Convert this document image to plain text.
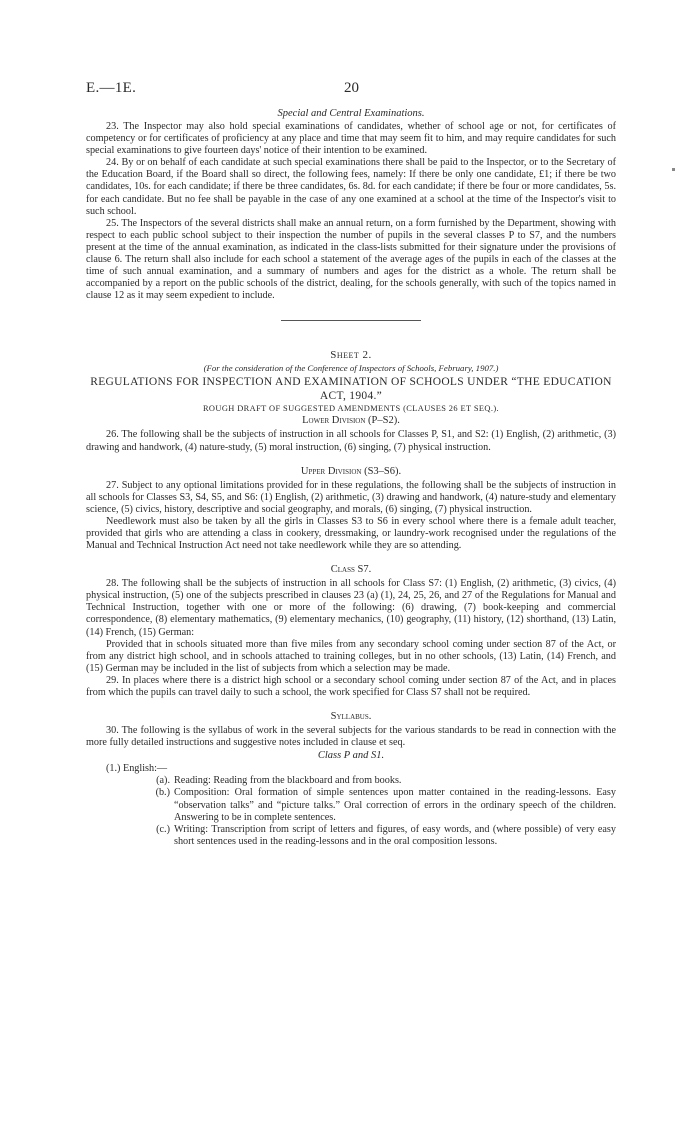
E.—1E.	20
Special and Central Examinations.

23. The Inspector may also hold special examinations of candidates, whether of school age or not, for certificates of competency or for certificates of proficiency at any place and time that may seem fit to him, and may require candidates for such special examinations to give fourteen days' notice of their intention to be examined.

24. By or on behalf of each candidate at such special examinations there shall be paid to the Inspector, or to the Secretary of the Education Board, if the Board shall so direct, the following fees, namely: If there be only one candidate, £1; if there be two candidates, 10s. for each candidate; if there be three candidates, 6s. 8d. for each candidate; if there be four or more candidates, 5s. for each candidate. But no fee shall be payable in the case of any one examined at a school at the time of the Inspector's visit to such school.

25. The Inspectors of the several districts shall make an annual return, on a form furnished by the Department, showing with respect to each public school subject to their inspection the number of pupils in the several classes P to S7, and the numbers present at the time of the annual examination, as indicated in the class-lists submitted for their signature under the provisions of clause 6. The return shall also include for each school a statement of the average ages of the pupils in each of the classes at the time of such annual examination, and a summary of numbers and ages for the district as a whole. The return shall be accompanied by a report on the public schools of the district, dealing, for the schools generally, with such of the topics named in clause 12 as it may seem expedient to include.

Sheet 2.
(For the consideration of the Conference of Inspectors of Schools, February, 1907.)
REGULATIONS FOR INSPECTION AND EXAMINATION OF SCHOOLS UNDER “THE EDUCATION ACT, 1904.”
ROUGH DRAFT OF SUGGESTED AMENDMENTS (CLAUSES 26 ET SEQ.).
Lower Division (P–S2).

26. The following shall be the subjects of instruction in all schools for Classes P, S1, and S2: (1) English, (2) arithmetic, (3) drawing and handwork, (4) nature-study, (5) moral instruction, (6) singing, (7) physical instruction.

Upper Division (S3–S6).

27. Subject to any optional limitations provided for in these regulations, the following shall be the subjects of instruction in all schools for Classes S3, S4, S5, and S6: (1) English, (2) arithmetic, (3) drawing and handwork, (4) nature-study and elementary science, (5) civics, history, descriptive and social geography, and morals, (6) singing, (7) physical instruction.

Needlework must also be taken by all the girls in Classes S3 to S6 in every school where there is a female adult teacher, provided that girls who are attending a class in cookery, dressmaking, or laundry-work recognised under the regulations of the Manual and Technical Instruction Act need not take needlework while they are so attending.

Class S7.

28. The following shall be the subjects of instruction in all schools for Class S7: (1) English, (2) arithmetic, (3) civics, (4) physical instruction, (5) one of the subjects prescribed in clauses 23 (a) (1), 24, 25, 26, and 27 of the Regulations for Manual and Technical Instruction, together with one or more of the following: (6) drawing, (7) book-keeping and commercial correspondence, (8) elementary mathematics, (9) elementary mechanics, (10) geography, (11) history, (12) shorthand, (13) Latin, (14) French, (15) German:

Provided that in schools situated more than five miles from any secondary school coming under section 87 of the Act, or from any district high school, and in schools attached to training colleges, but in no other schools, (13) Latin, (14) French, and (15) German may be included in the list of subjects from which a selection may be made.

29. In places where there is a district high school or a secondary school coming under section 87 of the Act, and in places from which the pupils can travel daily to such a school, the work specified for Class S7 shall not be required.

Syllabus.

30. The following is the syllabus of work in the several subjects for the various standards to be read in connection with the more fully detailed instructions and suggestive notes included in clause et seq.

Class P and S1.

(1.) English:—

(a). Reading: Reading from the blackboard and from books.
(b.) Composition: Oral formation of simple sentences upon matter contained in the reading-lessons. Easy “observation talks” and “picture talks.” Oral correction of errors in the ordinary speech of the children. Answering to be in complete sentences.
(c.) Writing: Transcription from script of letters and figures, of easy words, and (where possible) of very easy short sentences used in the reading-lessons and in the oral composition lessons.
